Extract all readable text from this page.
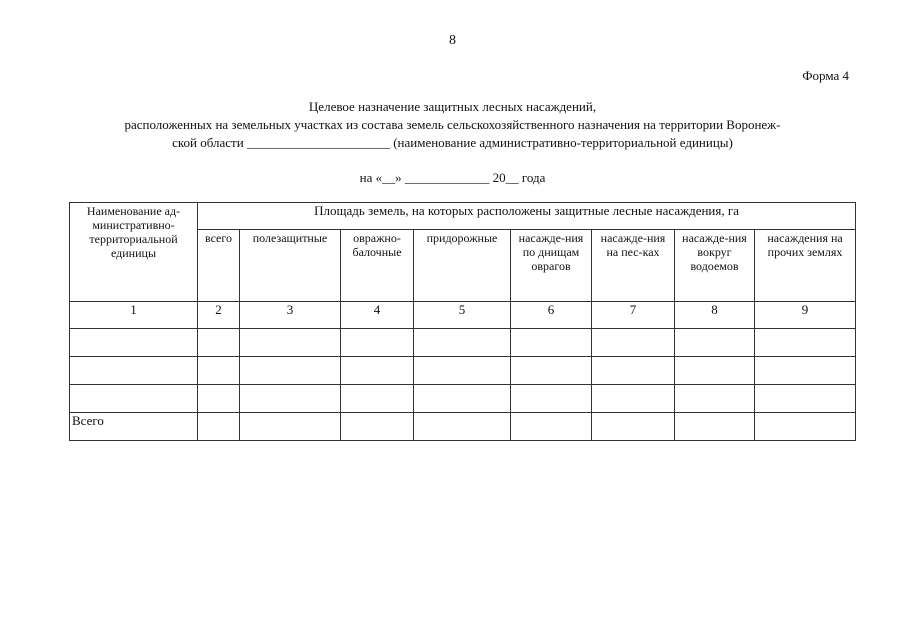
8
Форма 4
Целевое назначение защитных лесных насаждений,
расположенных на земельных участках из состава земель сельскохозяйственного назначения на территории Воронеж-
ской области ______________________ (наименование административно-территориальной единицы)
на «__» _____________ 20__ года
Наименование ад-министративно-территориальной единицы	Площадь земель, на которых расположены защитные лесные насаждения, га							
	всего	полезащитные	овражно-балочные	придорожные	насажде-ния по днищам оврагов	насажде-ния на пес-ках	насажде-ния вокруг водоемов	насаждения на прочих землях
1	2	3	4	5	6	7	8	9

Всего								
